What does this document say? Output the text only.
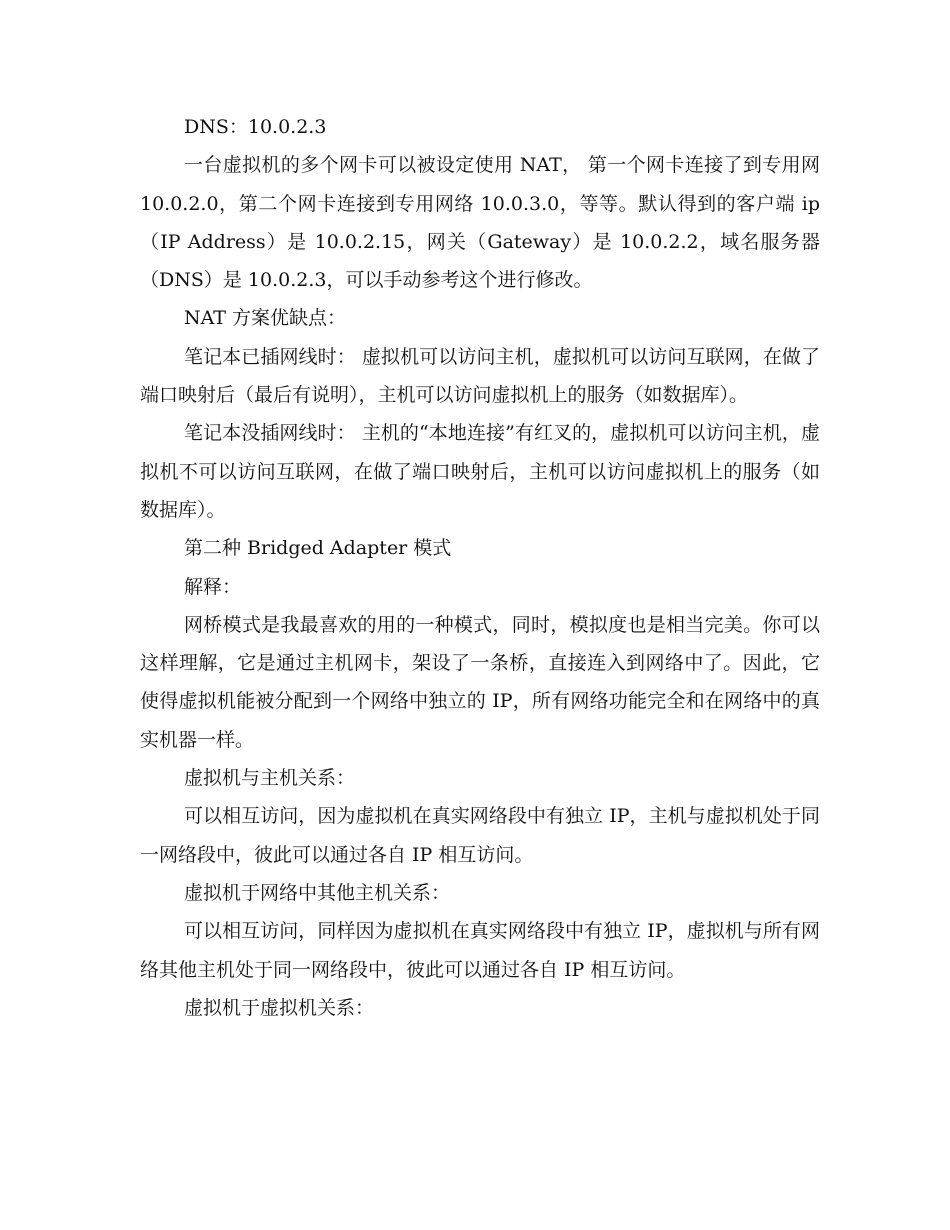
DNS：10.0.2.3

一台虚拟机的多个网卡可以被设定使用 NAT， 第一个网卡连接了到专用网 10.0.2.0，第二个网卡连接到专用网络 10.0.3.0，等等。默认得到的客户端 ip（IP Address）是 10.0.2.15，网关（Gateway）是 10.0.2.2，域名服务器（DNS）是 10.0.2.3，可以手动参考这个进行修改。

NAT 方案优缺点：

笔记本已插网线时： 虚拟机可以访问主机，虚拟机可以访问互联网，在做了端口映射后（最后有说明），主机可以访问虚拟机上的服务（如数据库）。

笔记本没插网线时： 主机的“本地连接”有红叉的，虚拟机可以访问主机，虚拟机不可以访问互联网，在做了端口映射后，主机可以访问虚拟机上的服务（如数据库）。

第二种 Bridged Adapter 模式

解释：

网桥模式是我最喜欢的用的一种模式，同时，模拟度也是相当完美。你可以这样理解，它是通过主机网卡，架设了一条桥，直接连入到网络中了。因此，它使得虚拟机能被分配到一个网络中独立的 IP，所有网络功能完全和在网络中的真实机器一样。

虚拟机与主机关系：

可以相互访问，因为虚拟机在真实网络段中有独立 IP，主机与虚拟机处于同一网络段中，彼此可以通过各自 IP 相互访问。

虚拟机于网络中其他主机关系：

可以相互访问，同样因为虚拟机在真实网络段中有独立 IP，虚拟机与所有网络其他主机处于同一网络段中，彼此可以通过各自 IP 相互访问。

虚拟机于虚拟机关系：
